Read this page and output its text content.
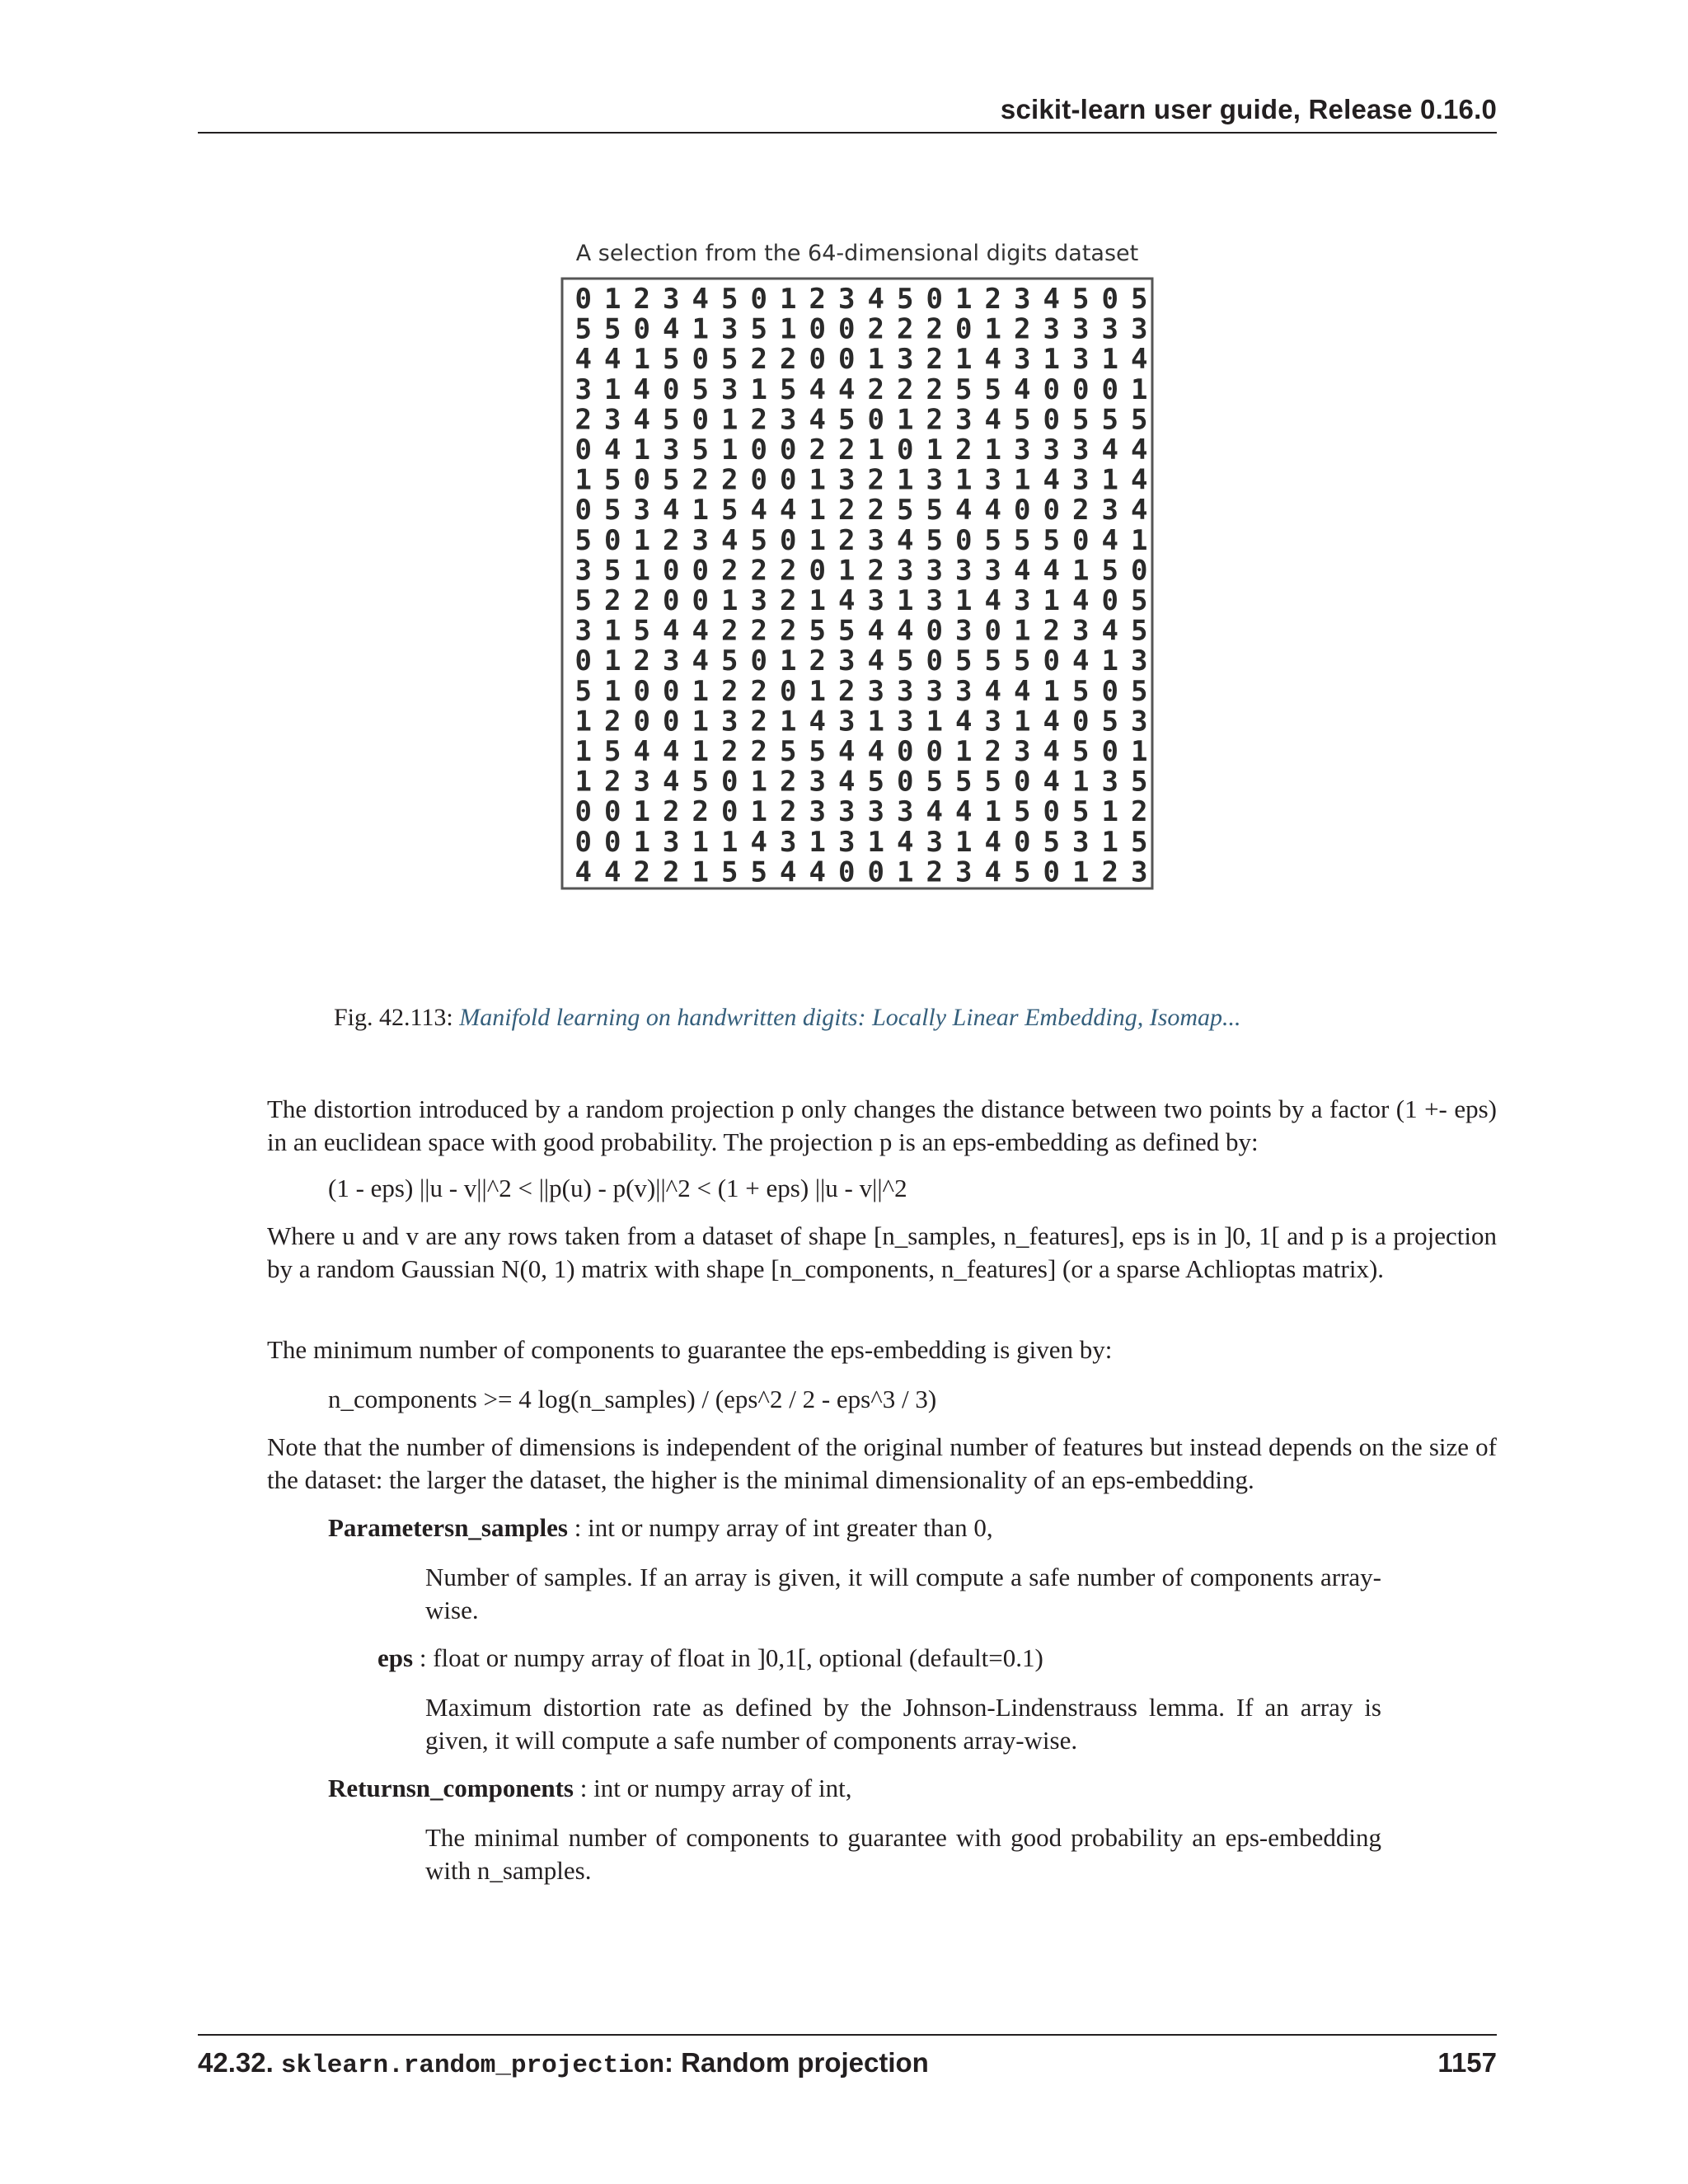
scikit-learn user guide, Release 0.16.0
A selection from the 64-dimensional digits dataset
0 1 2 3 4 5 0 1 2 3 4 5 0 1 2 3 4 5 0 5
5 5 0 4 1 3 5 1 0 0 2 2 2 0 1 2 3 3 3 3
4 4 1 5 0 5 2 2 0 0 1 3 2 1 4 3 1 3 1 4
3 1 4 0 5 3 1 5 4 4 2 2 2 5 5 4 0 0 0 1
2 3 4 5 0 1 2 3 4 5 0 1 2 3 4 5 0 5 5 5
0 4 1 3 5 1 0 0 2 2 1 0 1 2 1 3 3 3 4 4
1 5 0 5 2 2 0 0 1 3 2 1 3 1 3 1 4 3 1 4
0 5 3 4 1 5 4 4 1 2 2 5 5 4 4 0 0 2 3 4
5 0 1 2 3 4 5 0 1 2 3 4 5 0 5 5 5 0 4 1
3 5 1 0 0 2 2 2 0 1 2 3 3 3 3 4 4 1 5 0
5 2 2 0 0 1 3 2 1 4 3 1 3 1 4 3 1 4 0 5
3 1 5 4 4 2 2 2 5 5 4 4 0 3 0 1 2 3 4 5
0 1 2 3 4 5 0 1 2 3 4 5 0 5 5 5 0 4 1 3
5 1 0 0 1 2 2 0 1 2 3 3 3 3 4 4 1 5 0 5
1 2 0 0 1 3 2 1 4 3 1 3 1 4 3 1 4 0 5 3
1 5 4 4 1 2 2 5 5 4 4 0 0 1 2 3 4 5 0 1
1 2 3 4 5 0 1 2 3 4 5 0 5 5 5 0 4 1 3 5
0 0 1 2 2 0 1 2 3 3 3 3 4 4 1 5 0 5 1 2
0 0 1 3 1 1 4 3 1 3 1 4 3 1 4 0 5 3 1 5
4 4 2 2 1 5 5 4 4 0 0 1 2 3 4 5 0 1 2 3
Fig. 42.113: Manifold learning on handwritten digits: Locally Linear Embedding, Isomap...

The distortion introduced by a random projection p only changes the distance between two points by a factor (1 +- eps) in an euclidean space with good probability. The projection p is an eps-embedding as defined by:

(1 - eps) ||u - v||^2 < ||p(u) - p(v)||^2 < (1 + eps) ||u - v||^2

Where u and v are any rows taken from a dataset of shape [n_samples, n_features], eps is in ]0, 1[ and p is a projection by a random Gaussian N(0, 1) matrix with shape [n_components, n_features] (or a sparse Achlioptas matrix).

The minimum number of components to guarantee the eps-embedding is given by:

n_components >= 4 log(n_samples) / (eps^2 / 2 - eps^3 / 3)

Note that the number of dimensions is independent of the original number of features but instead depends on the size of the dataset: the larger the dataset, the higher is the minimal dimensionality of an eps-embedding.

Parametersn_samples : int or numpy array of int greater than 0,
Number of samples. If an array is given, it will compute a safe number of components array-wise.
eps : float or numpy array of float in ]0,1[, optional (default=0.1)
Maximum distortion rate as defined by the Johnson-Lindenstrauss lemma. If an array is given, it will compute a safe number of components array-wise.
Returnsn_components : int or numpy array of int,
The minimal number of components to guarantee with good probability an eps-embedding with n_samples.
42.32. sklearn.random_projection: Random projection	1157
